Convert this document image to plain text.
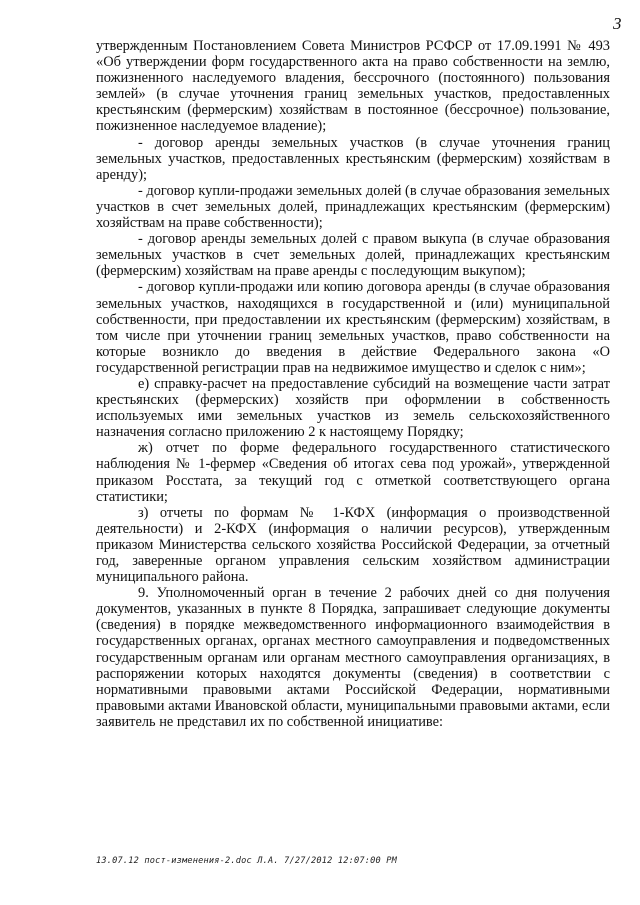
3

утвержденным Постановлением Совета Министров РСФСР от 17.09.1991 № 493 «Об утверждении форм государственного акта на право собственности на землю, пожизненного наследуемого владения, бессрочного (постоянного) пользования землей» (в случае уточнения границ земельных участков, предоставленных крестьянским (фермерским) хозяйствам в постоянное (бессрочное) пользование, пожизненное наследуемое владение);

- договор аренды земельных участков (в случае уточнения границ земельных участков, предоставленных крестьянским (фермерским) хозяйствам в аренду);

- договор купли-продажи земельных долей (в случае образования земельных участков в счет земельных долей, принадлежащих крестьянским (фермерским) хозяйствам на праве собственности);

- договор аренды земельных долей с правом выкупа (в случае образования земельных участков в счет земельных долей, принадлежащих крестьянским (фермерским) хозяйствам на праве аренды с последующим выкупом);

- договор купли-продажи или копию договора аренды (в случае образования земельных участков, находящихся в государственной и (или) муниципальной собственности, при предоставлении их крестьянским (фермерским) хозяйствам, в том числе при уточнении границ земельных участков, право собственности на которые возникло до введения в действие Федерального закона «О государственной регистрации прав на недвижимое имущество и сделок с ним»;

е) справку-расчет на предоставление субсидий на возмещение части затрат крестьянских (фермерских) хозяйств при оформлении в собственность используемых ими земельных участков из земель сельскохозяйственного назначения согласно приложению 2 к настоящему Порядку;

ж) отчет по форме федерального государственного статистического наблюдения № 1-фермер «Сведения об итогах сева под урожай», утвержденной приказом Росстата, за текущий год с отметкой соответствующего органа статистики;

з) отчеты по формам № 1-КФХ (информация о производственной деятельности) и 2-КФХ (информация о наличии ресурсов), утвержденным приказом Министерства сельского хозяйства Российской Федерации, за отчетный год, заверенные органом управления сельским хозяйством администрации муниципального района.

9. Уполномоченный орган в течение 2 рабочих дней со дня получения документов, указанных в пункте 8 Порядка, запрашивает следующие документы (сведения) в порядке межведомственного информационного взаимодействия в государственных органах, органах местного самоуправления и подведомственных государственным органам или органам местного самоуправления организациях, в распоряжении которых находятся документы (сведения) в соответствии с нормативными правовыми актами Российской Федерации, нормативными правовыми актами Ивановской области, муниципальными правовыми актами, если заявитель не представил их по собственной инициативе:

13.07.12 пост-изменения-2.doc Л.А. 7/27/2012 12:07:00 PM
